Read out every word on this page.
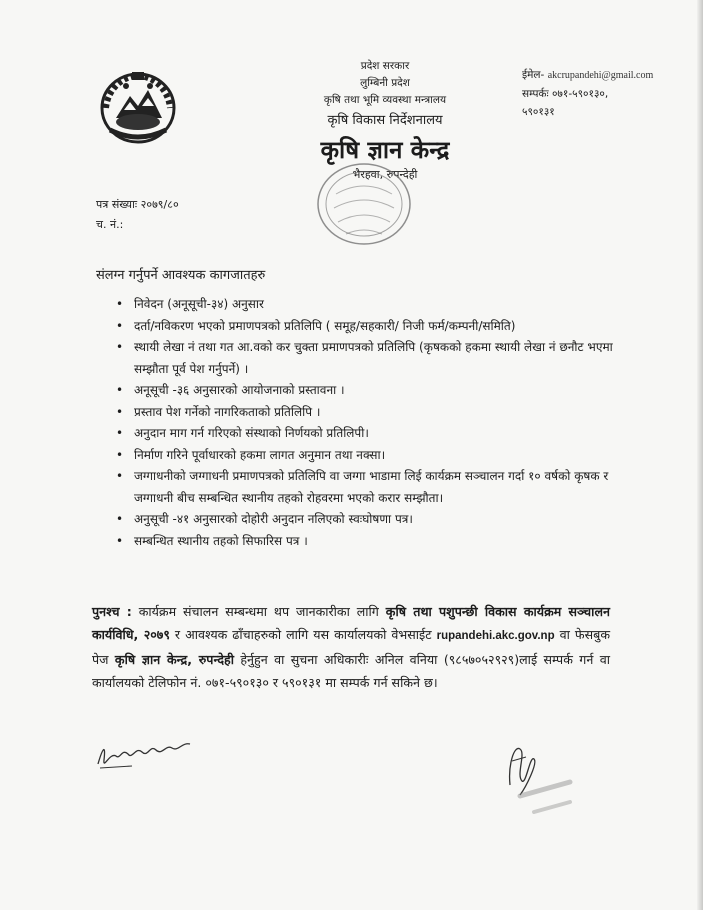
प्रदेश सरकार
लुम्बिनी प्रदेश
कृषि तथा भूमि व्यवस्था मन्त्रालय
कृषि विकास निर्देशनालय
कृषि ज्ञान केन्द्र
भैरहवा, रुपन्देही
ईमेल- akcrupandehi@gmail.com
सम्पर्कः ०७१-५९०१३०,
५९०१३१
पत्र संख्याः २०७९/८०
च. नं.:
संलग्न गर्नुपर्ने आवश्यक कागजातहरु
• निवेदन (अनूसूची-३४) अनुसार
• दर्ता/नविकरण भएको प्रमाणपत्रको प्रतिलिपि ( समूह/सहकारी/ निजी फर्म/कम्पनी/समिति)
• स्थायी लेखा नं तथा गत आ.वको कर चुक्ता प्रमाणपत्रको प्रतिलिपि (कृषकको हकमा स्थायी लेखा नं छनौट भएमा सम्झौता पूर्व पेश गर्नुपर्ने) ।
• अनूसूची -३६ अनुसारको आयोजनाको प्रस्तावना ।
• प्रस्ताव पेश गर्नेको नागरिकताको प्रतिलिपि ।
• अनुदान माग गर्न गरिएको संस्थाको निर्णयको प्रतिलिपी।
• निर्माण गरिने पूर्वाधारको हकमा लागत अनुमान तथा नक्सा।
• जग्गाधनीको जग्गाधनी प्रमाणपत्रको प्रतिलिपि वा जग्गा भाडामा लिई कार्यक्रम सञ्चालन गर्दा १० वर्षको कृषक र जग्गाधनी बीच सम्बन्धित स्थानीय तहको रोहवरमा भएको करार सम्झौता।
• अनुसूची -४१ अनुसारको दोहोरी अनुदान नलिएको स्वःघोषणा पत्र।
• सम्बन्धित स्थानीय तहको सिफारिस पत्र ।
पुनश्च : कार्यक्रम संचालन सम्बन्धमा थप जानकारीका लागि कृषि तथा पशुपन्छी विकास कार्यक्रम सञ्चालन कार्यविधि, २०७९ र आवश्यक ढाँचाहरुको लागि यस कार्यालयको वेभसाईट rupandehi.akc.gov.np वा फेसबुक पेज कृषि ज्ञान केन्द्र, रुपन्देही हेर्नुहुन वा सुचना अधिकारीः अनिल वनिया (९८५७०५२९२९)लाई सम्पर्क गर्न वा कार्यालयको टेलिफोन नं. ०७१-५९०१३० र ५९०१३१ मा सम्पर्क गर्न सकिने छ।
